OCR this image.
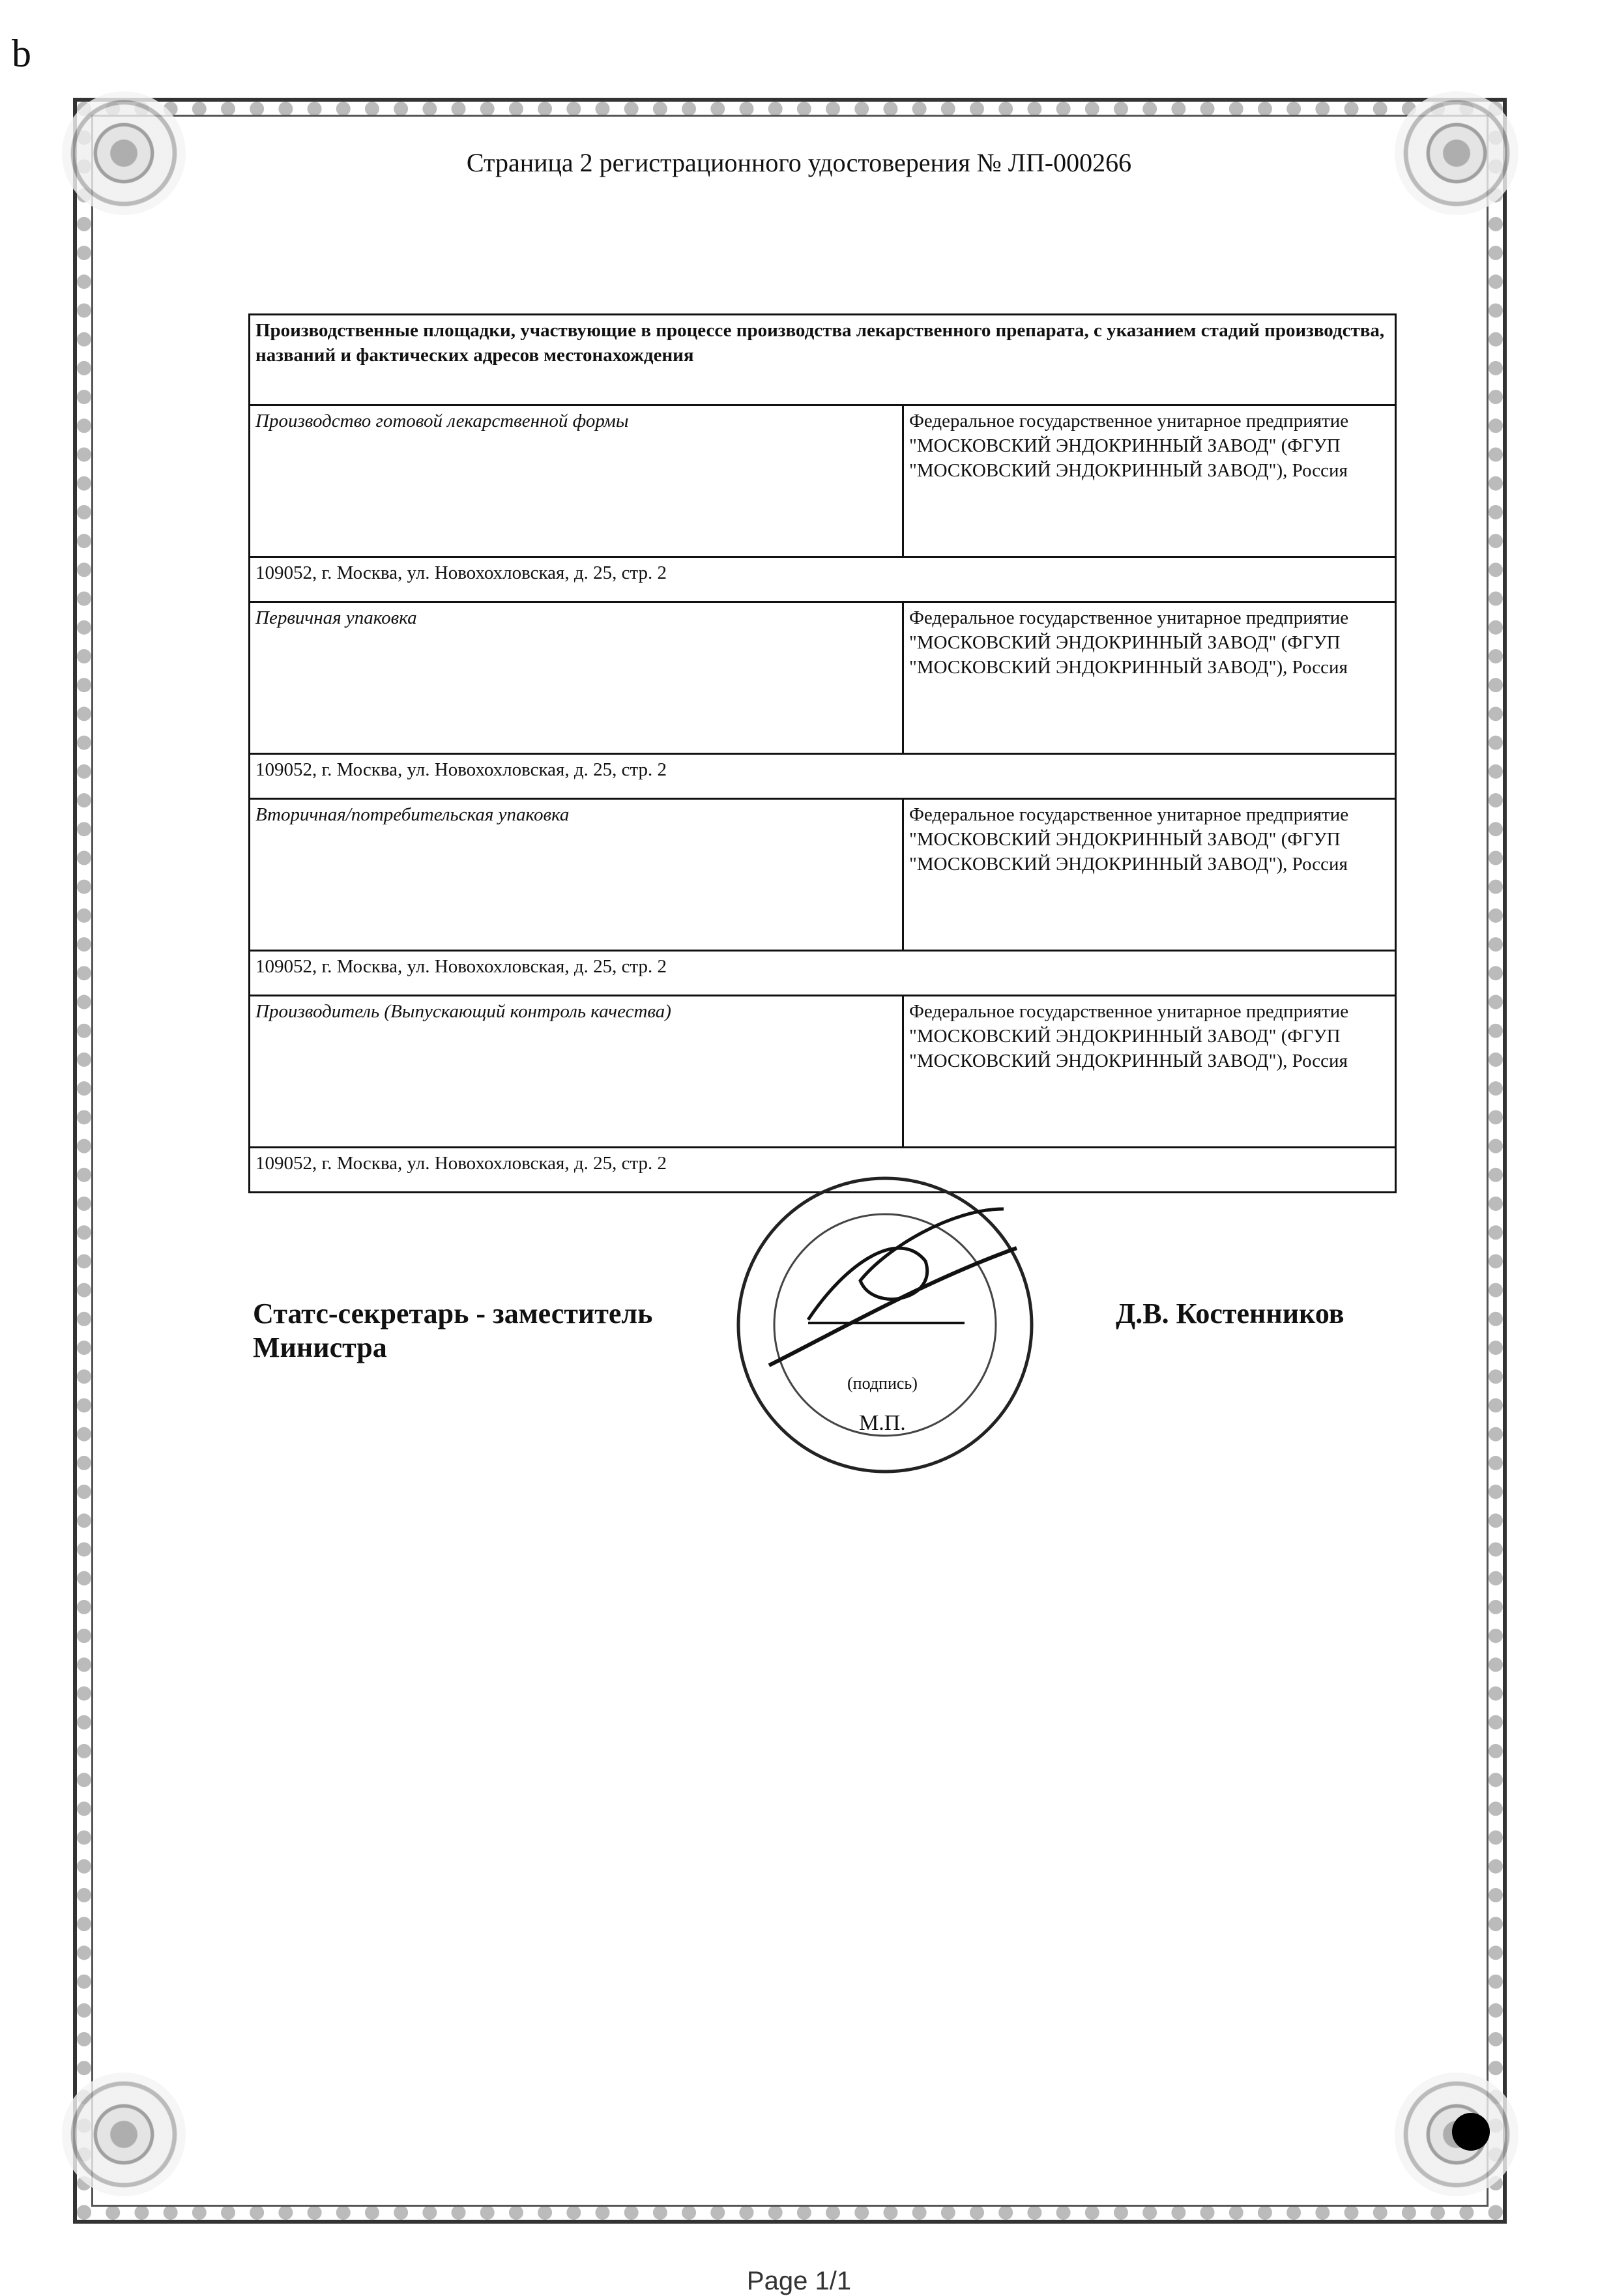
b
Страница 2 регистрационного удостоверения № ЛП-000266
Производственные площадки, участвующие в процессе производства лекарственного препарата, с указанием стадий производства, названий и фактических адресов местонахождения	
Производство готовой лекарственной формы	Федеральное государственное унитарное предприятие "МОСКОВСКИЙ ЭНДОКРИННЫЙ ЗАВОД" (ФГУП "МОСКОВСКИЙ ЭНДОКРИННЫЙ ЗАВОД"), Россия
109052, г. Москва, ул. Новохохловская, д. 25, стр. 2	
Первичная упаковка	Федеральное государственное унитарное предприятие "МОСКОВСКИЙ ЭНДОКРИННЫЙ ЗАВОД" (ФГУП "МОСКОВСКИЙ ЭНДОКРИННЫЙ ЗАВОД"), Россия
109052, г. Москва, ул. Новохохловская, д. 25, стр. 2	
Вторичная/потребительская упаковка	Федеральное государственное унитарное предприятие "МОСКОВСКИЙ ЭНДОКРИННЫЙ ЗАВОД" (ФГУП "МОСКОВСКИЙ ЭНДОКРИННЫЙ ЗАВОД"), Россия
109052, г. Москва, ул. Новохохловская, д. 25, стр. 2	
Производитель (Выпускающий контроль качества)	Федеральное государственное унитарное предприятие "МОСКОВСКИЙ ЭНДОКРИННЫЙ ЗАВОД" (ФГУП "МОСКОВСКИЙ ЭНДОКРИННЫЙ ЗАВОД"), Россия
109052, г. Москва, ул. Новохохловская, д. 25, стр. 2	
(подпись)
М.П.
Статс-секретарь - заместитель
Министра
Д.В. Костенников
Page 1/1
